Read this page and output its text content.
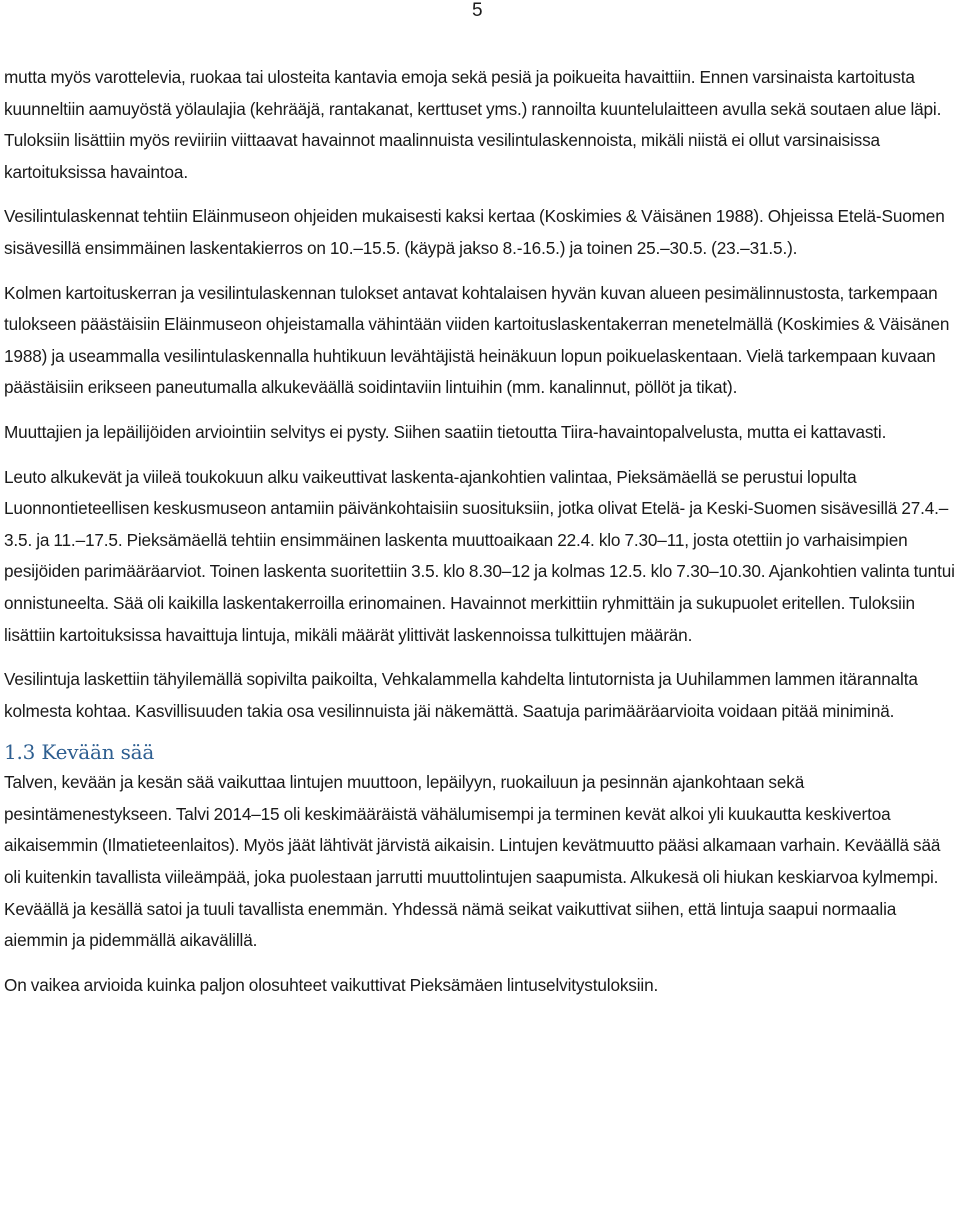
5

mutta myös varottelevia, ruokaa tai ulosteita kantavia emoja sekä pesiä ja poikueita havaittiin. Ennen varsinaista kartoitusta kuunneltiin aamuyöstä yölaulajia (kehrääjä, rantakanat, kerttuset yms.) rannoilta kuuntelulaitteen avulla sekä soutaen alue läpi. Tuloksiin lisättiin myös reviiriin viittaavat havainnot maalinnuista vesilintulaskennoista, mikäli niistä ei ollut varsinaisissa kartoituksissa havaintoa.

Vesilintulaskennat tehtiin Eläinmuseon ohjeiden mukaisesti kaksi kertaa (Koskimies & Väisänen 1988). Ohjeissa Etelä-Suomen sisävesillä ensimmäinen laskentakierros on 10.–15.5. (käypä jakso 8.-16.5.) ja toinen 25.–30.5. (23.–31.5.).

Kolmen kartoituskerran ja vesilintulaskennan tulokset antavat kohtalaisen hyvän kuvan alueen pesimälinnustosta, tarkempaan tulokseen päästäisiin Eläinmuseon ohjeistamalla vähintään viiden kartoituslaskentakerran menetelmällä (Koskimies & Väisänen 1988) ja useammalla vesilintulaskennalla huhtikuun levähtäjistä heinäkuun lopun poikuelaskentaan. Vielä tarkempaan kuvaan päästäisiin erikseen paneutumalla alkukeväällä soidintaviin lintuihin (mm. kanalinnut, pöllöt ja tikat).

Muuttajien ja lepäilijöiden arviointiin selvitys ei pysty. Siihen saatiin tietoutta Tiira-havaintopalvelusta, mutta ei kattavasti.

Leuto alkukevät ja viileä toukokuun alku vaikeuttivat laskenta-ajankohtien valintaa, Pieksämäellä se perustui lopulta Luonnontieteellisen keskusmuseon antamiin päivänkohtaisiin suosituksiin, jotka olivat Etelä- ja Keski-Suomen sisävesillä 27.4.–3.5. ja 11.–17.5. Pieksämäellä tehtiin ensimmäinen laskenta muuttoaikaan 22.4. klo 7.30–11, josta otettiin jo varhaisimpien pesijöiden parimääräarviot. Toinen laskenta suoritettiin 3.5. klo 8.30–12 ja kolmas 12.5. klo 7.30–10.30. Ajankohtien valinta tuntui onnistuneelta. Sää oli kaikilla laskentakerroilla erinomainen. Havainnot merkittiin ryhmittäin ja sukupuolet eritellen. Tuloksiin lisättiin kartoituksissa havaittuja lintuja, mikäli määrät ylittivät laskennoissa tulkittujen määrän.

Vesilintuja laskettiin tähyilemällä sopivilta paikoilta, Vehkalammella kahdelta lintutornista ja Uuhilammen lammen itärannalta kolmesta kohtaa. Kasvillisuuden takia osa vesilinnuista jäi näkemättä. Saatuja parimääräarvioita voidaan pitää miniminä.

1.3 Kevään sää

Talven, kevään ja kesän sää vaikuttaa lintujen muuttoon, lepäilyyn, ruokailuun ja pesinnän ajankohtaan sekä pesintämenestykseen. Talvi 2014–15 oli keskimääräistä vähälumisempi ja terminen kevät alkoi yli kuukautta keskivertoa aikaisemmin (Ilmatieteenlaitos). Myös jäät lähtivät järvistä aikaisin. Lintujen kevätmuutto pääsi alkamaan varhain. Keväällä sää oli kuitenkin tavallista viileämpää, joka puolestaan jarrutti muuttolintujen saapumista. Alkukesä oli hiukan keskiarvoa kylmempi. Keväällä ja kesällä satoi ja tuuli tavallista enemmän. Yhdessä nämä seikat vaikuttivat siihen, että lintuja saapui normaalia aiemmin ja pidemmällä aikavälillä.

On vaikea arvioida kuinka paljon olosuhteet vaikuttivat Pieksämäen lintuselvitystuloksiin.
